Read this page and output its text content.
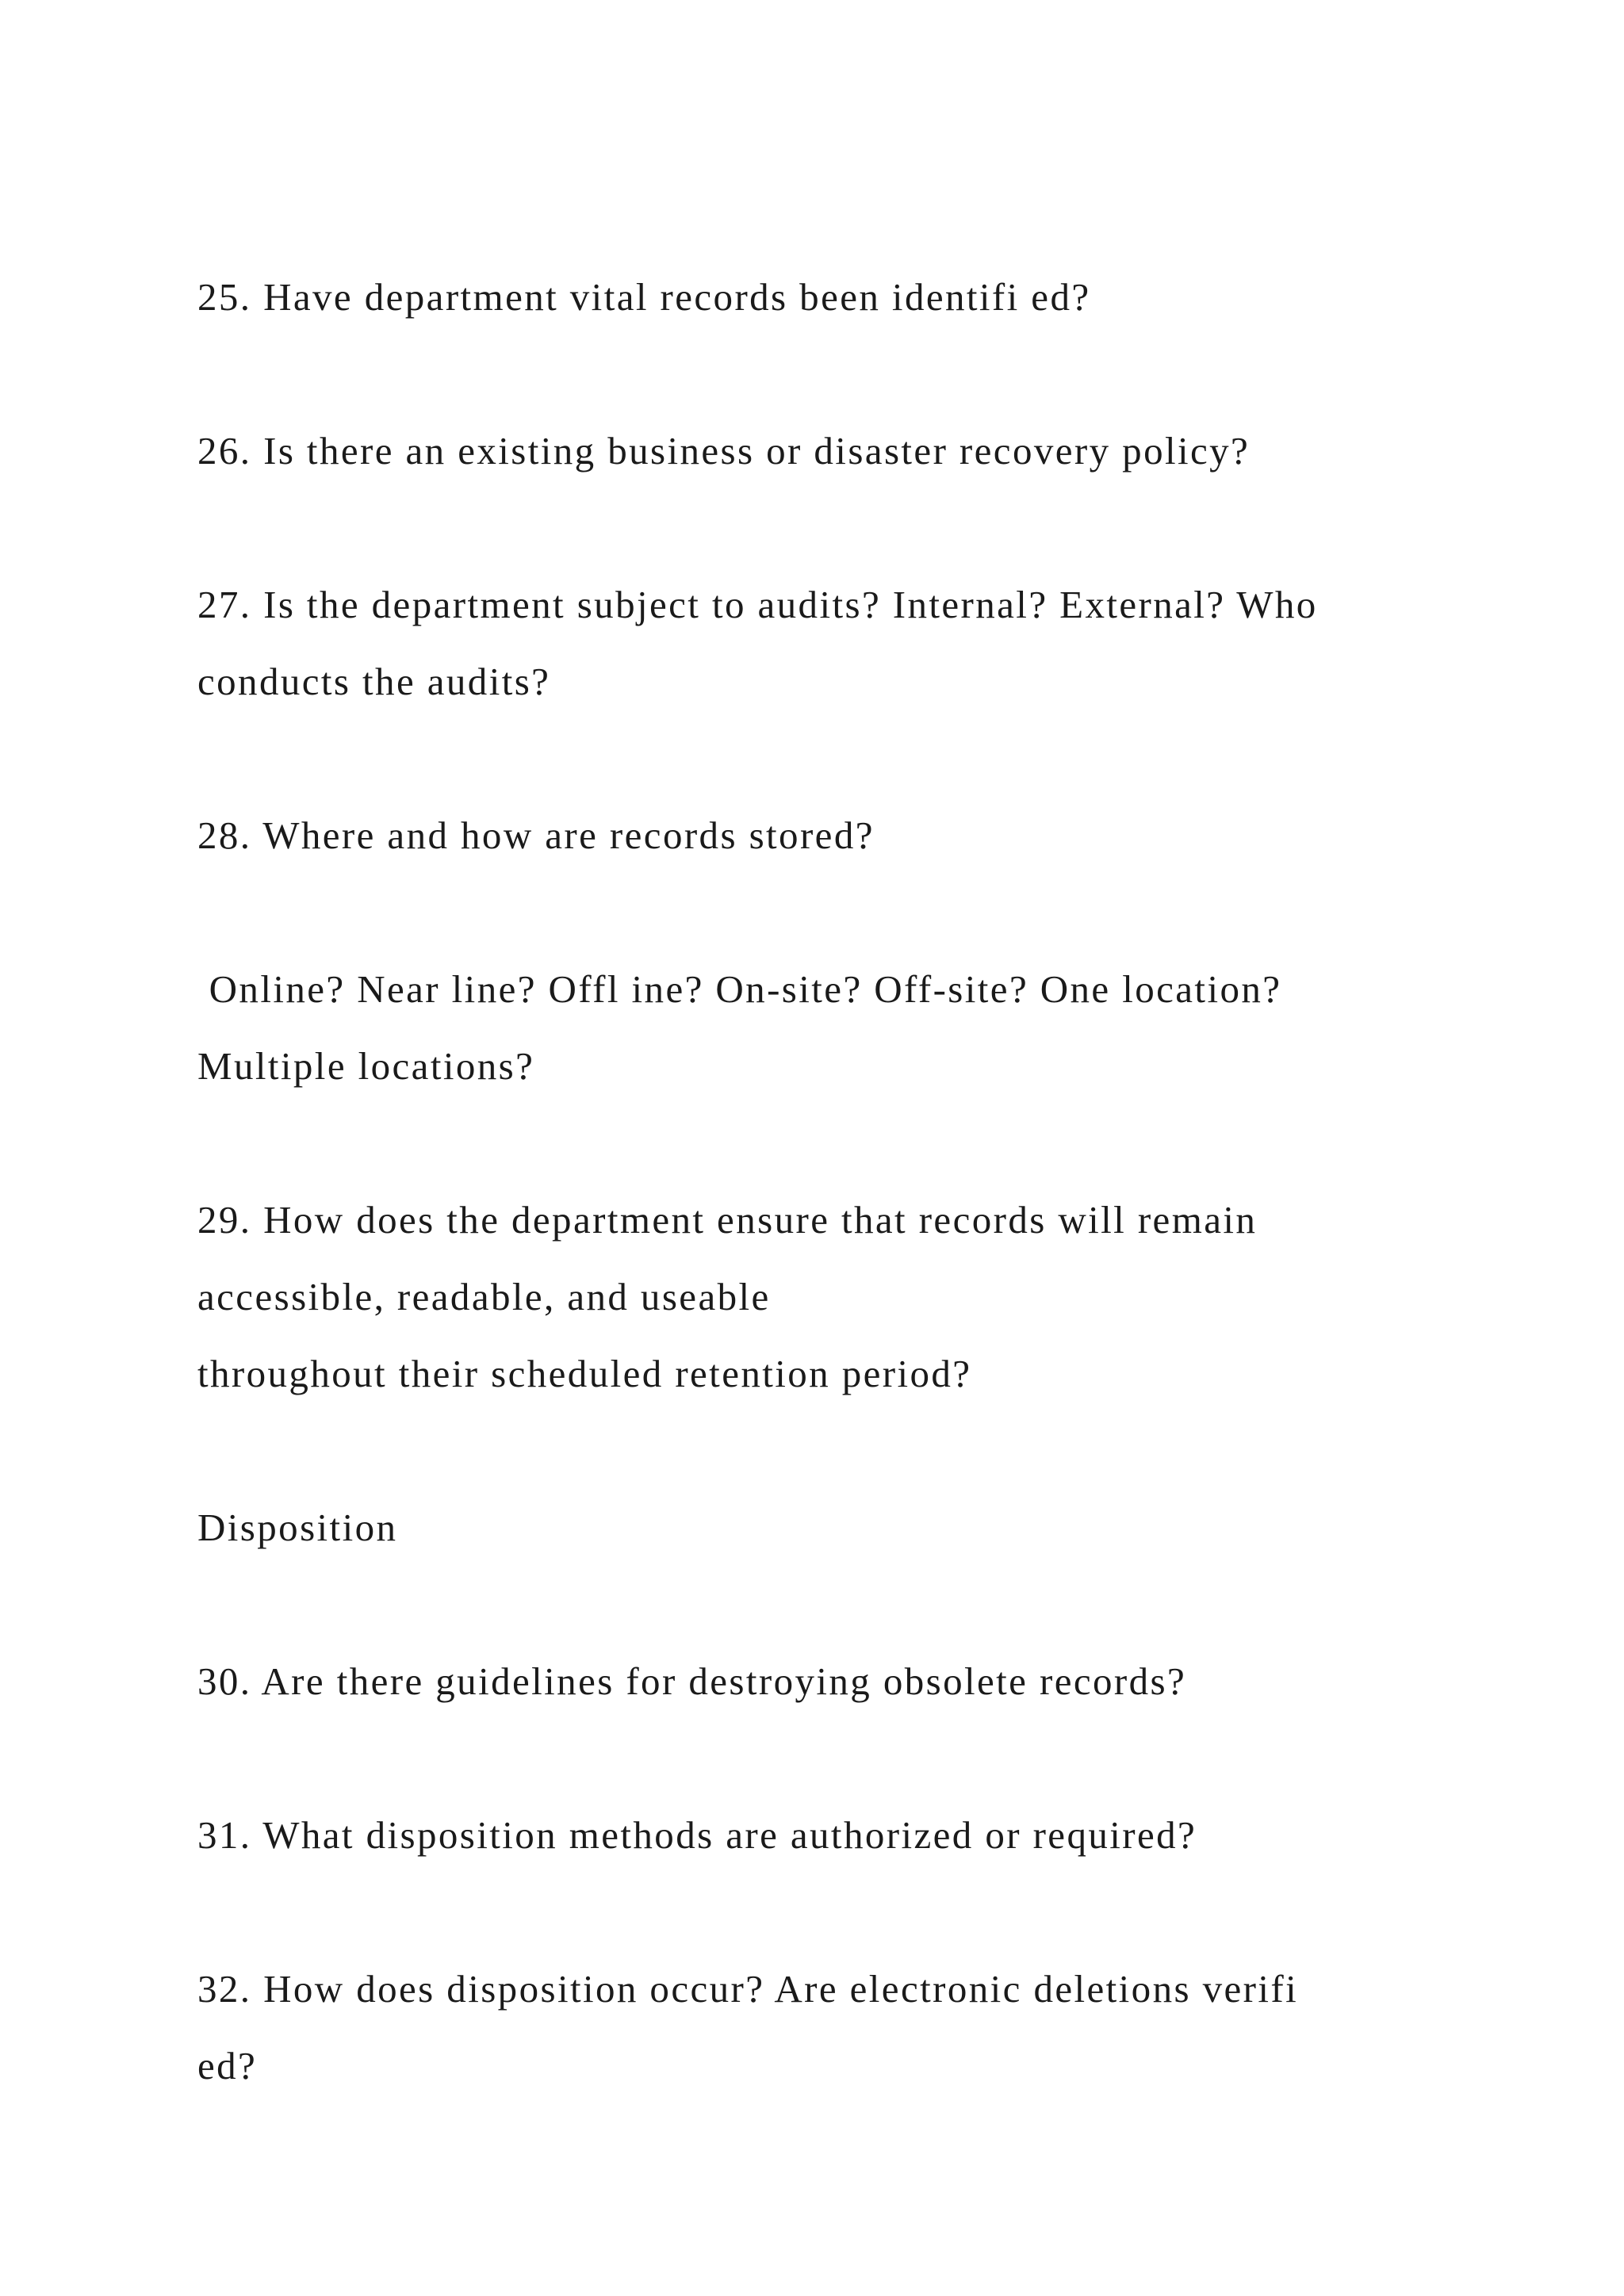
25. Have department vital records been identifi ed?

26. Is there an existing business or disaster recovery policy?

27. Is the department subject to audits? Internal? External? Who

conducts the audits?

28. Where and how are records stored?

Online? Near line? Offl ine? On-site? Off-site? One location?

Multiple locations?

29. How does the department ensure that records will remain

accessible, readable, and useable

throughout their scheduled retention period?

Disposition

30. Are there guidelines for destroying obsolete records?

31. What disposition methods are authorized or required?

32. How does disposition occur? Are electronic deletions verifi

ed?
